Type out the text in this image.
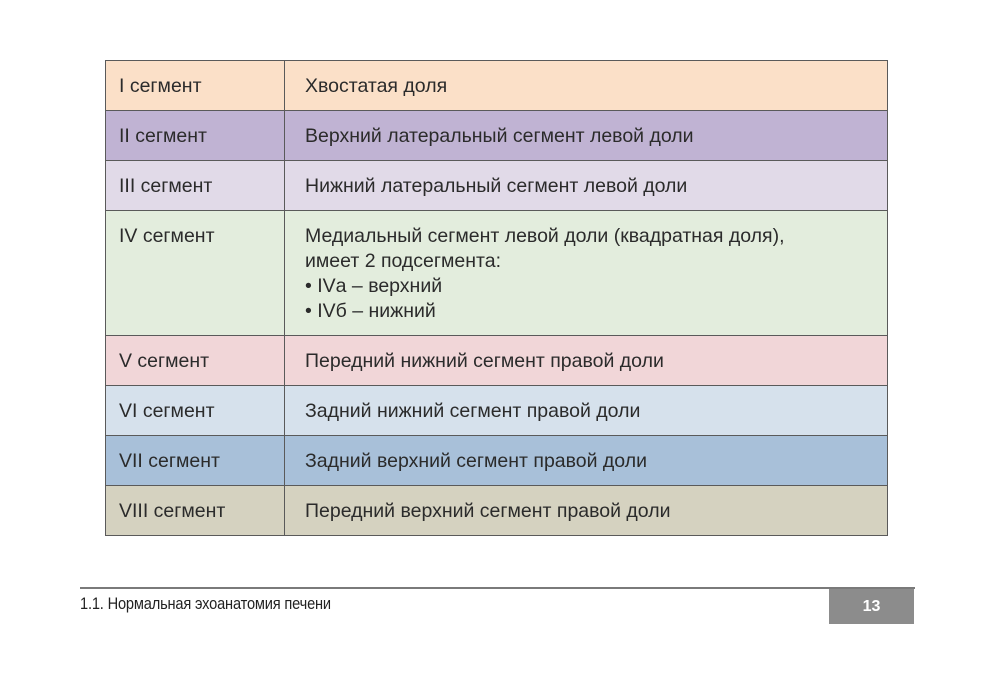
I сегмент	Хвостатая доля

II сегмент	Верхний латеральный сегмент левой доли

III сегмент	Нижний латеральный сегмент левой доли

IV сегмент	Медиальный сегмент левой доли (квадратная доля),
имеет 2 подсегмента:
• IVа – верхний
• IVб – нижний

V сегмент	Передний нижний сегмент правой доли

VI сегмент	Задний нижний сегмент правой доли

VII сегмент	Задний верхний сегмент правой доли

VIII сегмент	Передний верхний сегмент правой доли
1.1. Нормальная эхоанатомия печени	13
